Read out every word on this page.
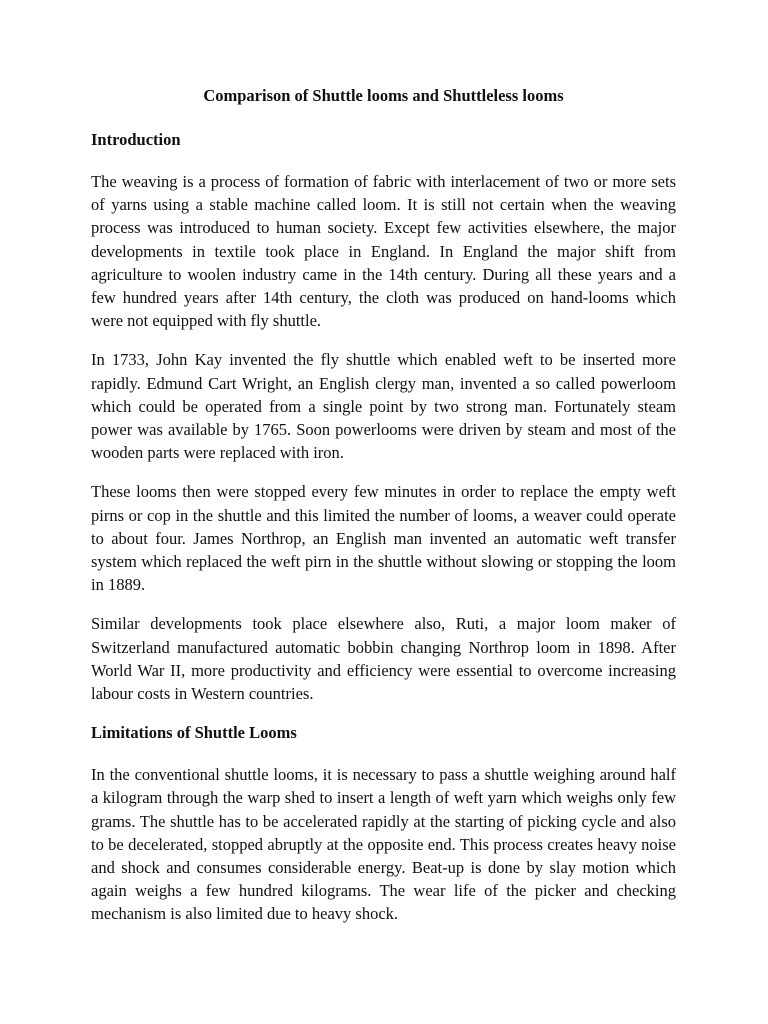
Comparison of Shuttle looms and Shuttleless looms
Introduction

The weaving is a process of formation of fabric with interlacement of two or more sets of yarns using a stable machine called loom. It is still not certain when the weaving process was introduced to human society. Except few activities elsewhere, the major developments in textile took place in England. In England the major shift from agriculture to woolen industry came in the 14th century. During all these years and a few hundred years after 14th century, the cloth was produced on hand-looms which were not equipped with fly shuttle.

In 1733, John Kay invented the fly shuttle which enabled weft to be inserted more rapidly. Edmund Cart Wright, an English clergy man, invented a so called powerloom which could be operated from a single point by two strong man. Fortunately steam power was available by 1765. Soon powerlooms were driven by steam and most of the wooden parts were replaced with iron.

These looms then were stopped every few minutes in order to replace the empty weft pirns or cop in the shuttle and this limited the number of looms, a weaver could operate to about four. James Northrop, an English man invented an automatic weft transfer system which replaced the weft pirn in the shuttle without slowing or stopping the loom in 1889.

Similar developments took place elsewhere also, Ruti, a major loom maker of Switzerland manufactured automatic bobbin changing Northrop loom in 1898. After World War II, more productivity and efficiency were essential to overcome increasing labour costs in Western countries.

Limitations of Shuttle Looms

In the conventional shuttle looms, it is necessary to pass a shuttle weighing around half a kilogram through the warp shed to insert a length of weft yarn which weighs only few grams. The shuttle has to be accelerated rapidly at the starting of picking cycle and also to be decelerated, stopped abruptly at the opposite end. This process creates heavy noise and shock and consumes considerable energy. Beat-up is done by slay motion which again weighs a few hundred kilograms. The wear life of the picker and checking mechanism is also limited due to heavy shock.
